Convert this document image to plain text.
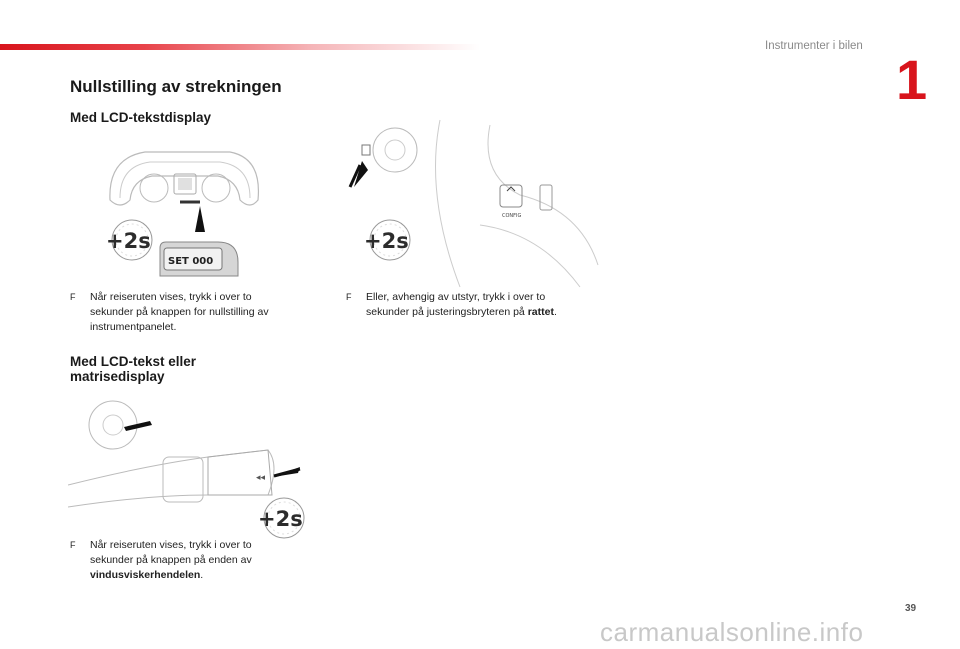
Instrumenter i bilen
1
Nullstilling av strekningen
Med LCD-tekstdisplay
+2s
SET 000
CONFIG
+2s
F Når reiseruten vises, trykk i over to
sekunder på knappen for nullstilling av
instrumentpanelet.
F Eller, avhengig av utstyr, trykk i over to
sekunder på justeringsbryteren på rattet.
Med LCD-tekst eller
matrisedisplay
◂◂
+2s
F Når reiseruten vises, trykk i over to
sekunder på knappen på enden av
vindusviskerhendelen.
39
carmanualsonline.info
